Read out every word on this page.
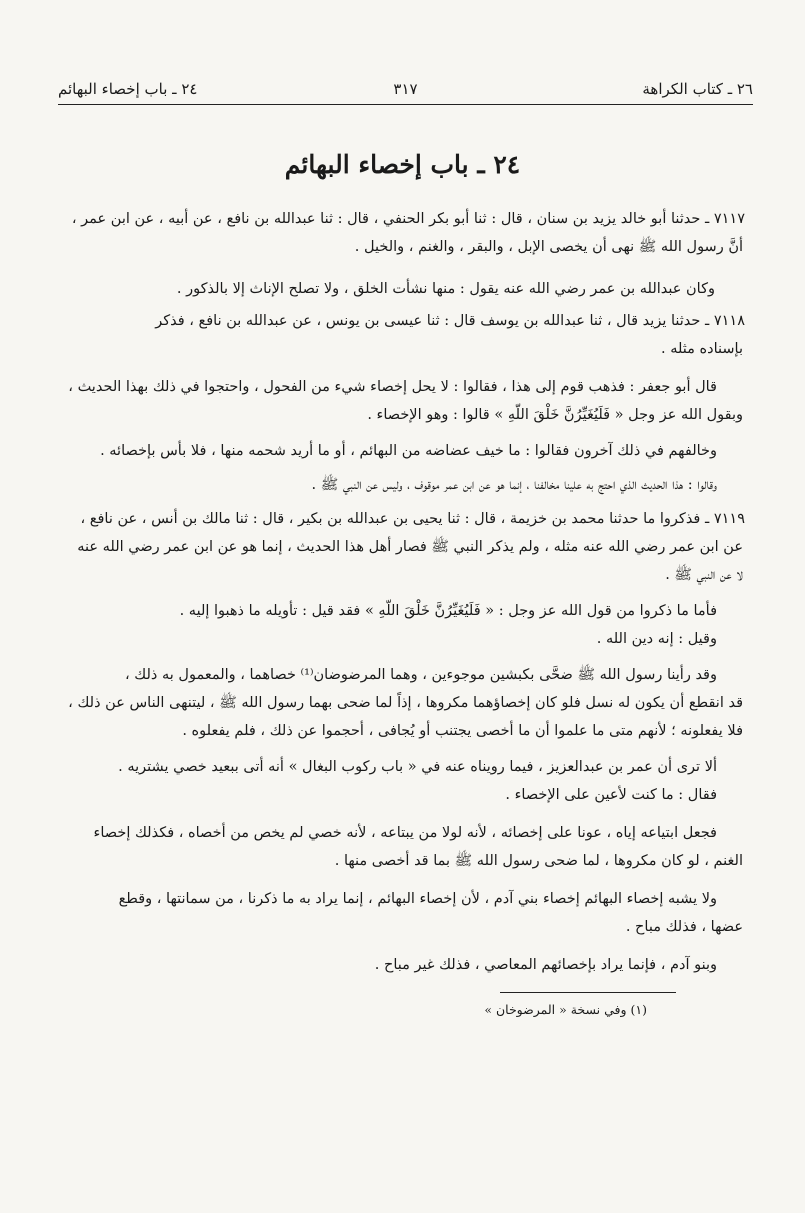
٢٦ ـ كتاب الكراهة
٣١٧
٢٤ ـ باب إخصاء البهائم
٢٤ ـ باب إخصاء البهائم
٧١١٧ ـ حدثنا أبو خالد يزيد بن سنان ، قال : ثنا أبو بكر الحنفي ، قال : ثنا عبدالله بن نافع ، عن أبيه ، عن ابن عمر ،
أنَّ رسول الله ﷺ نهى أن يخصى الإبل ، والبقر ، والغنم ، والخيل .
وكان عبدالله بن عمر رضي الله عنه يقول : منها نشأت الخلق ، ولا تصلح الإناث إلا بالذكور .
٧١١٨ ـ حدثنا يزيد قال ، ثنا عبدالله بن يوسف قال : ثنا عيسى بن يونس ، عن عبدالله بن نافع ، فذكر
بإسناده مثله .
قال أبو جعفر : فذهب قوم إلى هذا ، فقالوا : لا يحل إخصاء شيء من الفحول ، واحتجوا في ذلك بهذا الحديث ،
وبقول الله عز وجل « فَلَيُغَيِّرُنَّ خَلْقَ اللّهِ » قالوا : وهو الإخصاء .
وخالفهم في ذلك آخرون فقالوا : ما خيف عضاضه من البهائم ، أو ما أريد شحمه منها ، فلا بأس بإخصائه .
وقالوا : هذا الحديث الذي احتج به علينا مخالفنا ، إنما هو عن ابن عمر موقوف ، وليس عن النبي ﷺ .
٧١١٩ ـ فذكروا ما حدثنا محمد بن خزيمة ، قال : ثنا يحيى بن عبدالله بن بكير ، قال : ثنا مالك بن أنس ، عن نافع ،
عن ابن عمر رضي الله عنه مثله ، ولم يذكر النبي ﷺ فصار أهل هذا الحديث ، إنما هو عن ابن عمر رضي الله عنه
لا عن النبي ﷺ .
فأما ما ذكروا من قول الله عز وجل : « فَلَيُغَيِّرُنَّ خَلْقَ اللّهِ » فقد قيل : تأويله ما ذهبوا إليه .
وقيل : إنه دين الله .
وقد رأينا رسول الله ﷺ ضحَّى بكبشين موجوءين ، وهما المرضوضان⁽¹⁾ خصاهما ، والمعمول به ذلك ،
قد انقطع أن يكون له نسل فلو كان إخصاؤهما مكروها ، إذاً لما ضحى بهما رسول الله ﷺ ، ليتنهى الناس عن ذلك ،
فلا يفعلونه ؛ لأنهم متى ما علموا أن ما أخصى يجتنب أو يُجافى ، أحجموا عن ذلك ، فلم يفعلوه .
ألا ترى أن عمر بن عبدالعزيز ، فيما رويناه عنه في « باب ركوب البغال » أنه أتى ببعيد خصي يشتريه .
فقال : ما كنت لأعين على الإخصاء .
فجعل ابتياعه إياه ، عونا على إخصائه ، لأنه لولا من يبتاعه ، لأنه خصي لم يخص من أخصاه ، فكذلك إخصاء
الغنم ، لو كان مكروها ، لما ضحى رسول الله ﷺ بما قد أخصى منها .
ولا يشبه إخصاء البهائم إخصاء بني آدم ، لأن إخصاء البهائم ، إنما يراد به ما ذكرنا ، من سمانتها ، وقطع
عضها ، فذلك مباح .
وبنو آدم ، فإنما يراد بإخصائهم المعاصي ، فذلك غير مباح .
(١) وفي نسخة « المرضوخان »
